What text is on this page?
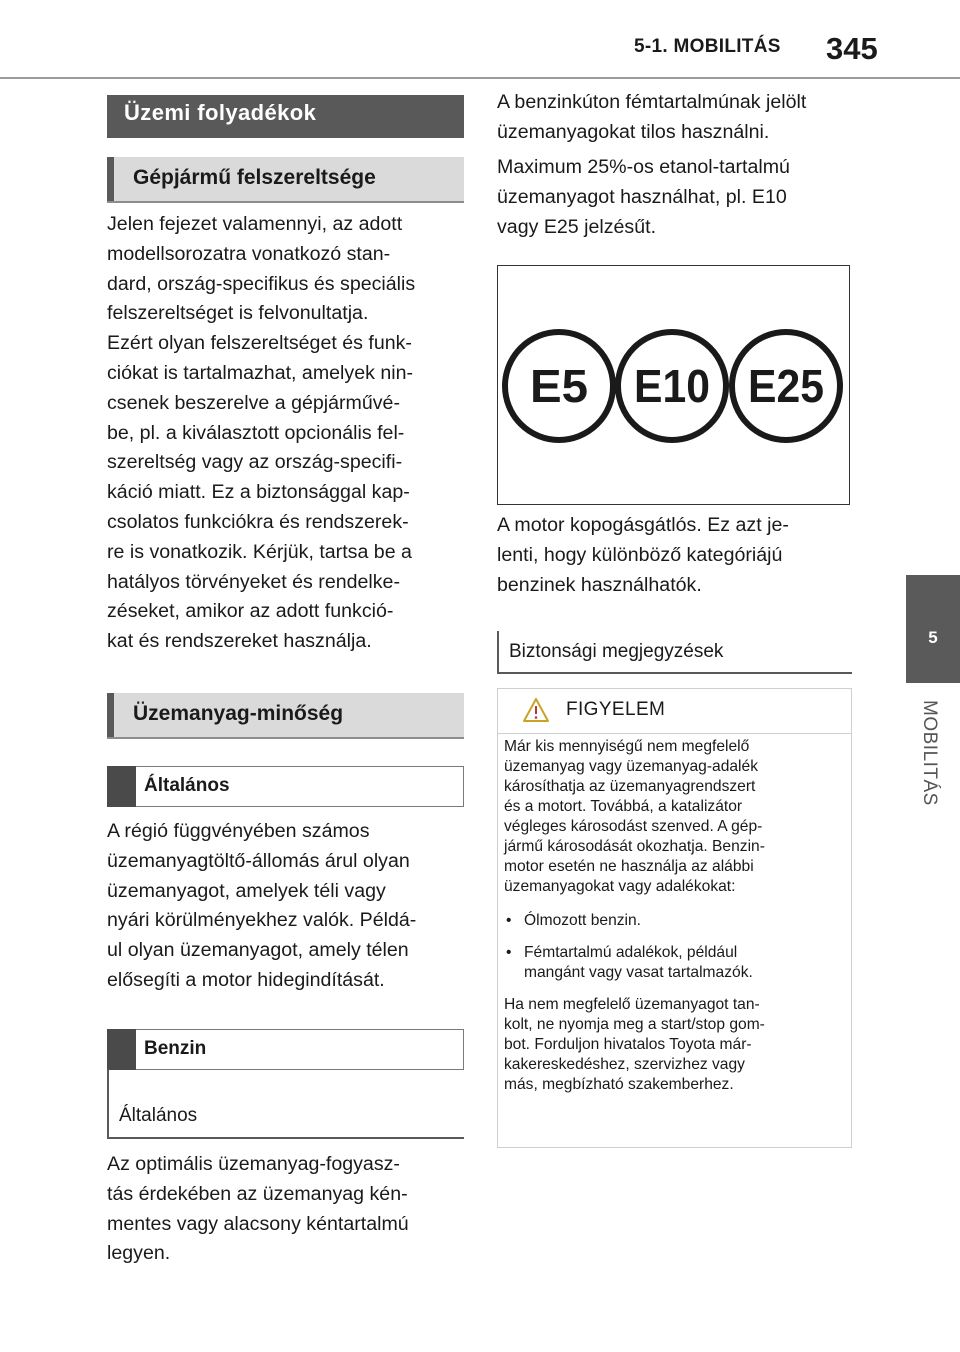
5-1. MOBILITÁS 345
5
MOBILITÁS
Üzemi folyadékok
Gépjármű felszereltsége
Jelen fejezet valamennyi, az adott
modellsorozatra vonatkozó stan-
dard, ország-specifikus és speciális
felszereltséget is felvonultatja.
Ezért olyan felszereltséget és funk-
ciókat is tartalmazhat, amelyek nin-
csenek beszerelve a gépjárművé-
be, pl. a kiválasztott opcionális fel-
szereltség vagy az ország-specifi-
káció miatt. Ez a biztonsággal kap-
csolatos funkciókra és rendszerek-
re is vonatkozik. Kérjük, tartsa be a
hatályos törvényeket és rendelke-
zéseket, amikor az adott funkció-
kat és rendszereket használja.
Üzemanyag-minőség
Általános
A régió függvényében számos
üzemanyagtöltő-állomás árul olyan
üzemanyagot, amelyek téli vagy
nyári körülményekhez valók. Példá-
ul olyan üzemanyagot, amely télen
elősegíti a motor hidegindítását.
Benzin
Általános
Az optimális üzemanyag-fogyasz-
tás érdekében az üzemanyag kén-
mentes vagy alacsony kéntartalmú
legyen.
A benzinkúton fémtartalmúnak jelölt
üzemanyagokat tilos használni.
Maximum 25%-os etanol-tartalmú
üzemanyagot használhat, pl. E10
vagy E25 jelzésűt.
E5 E10 E25
A motor kopogásgátlós. Ez azt je-
lenti, hogy különböző kategóriájú
benzinek használhatók.
Biztonsági megjegyzések
FIGYELEM

Már kis mennyiségű nem megfelelő
üzemanyag vagy üzemanyag-adalék
károsíthatja az üzemanyagrendszert
és a motort. Továbbá, a katalizátor
végleges károsodást szenved. A gép-
jármű károsodását okozhatja. Benzin-
motor esetén ne használja az alábbi
üzemanyagokat vagy adalékokat:

• Ólmozott benzin.
• Fémtartalmú adalékok, például
mangánt vagy vasat tartalmazók.

Ha nem megfelelő üzemanyagot tan-
kolt, ne nyomja meg a start/stop gom-
bot. Forduljon hivatalos Toyota már-
kakereskedéshez, szervizhez vagy
más, megbízható szakemberhez.
